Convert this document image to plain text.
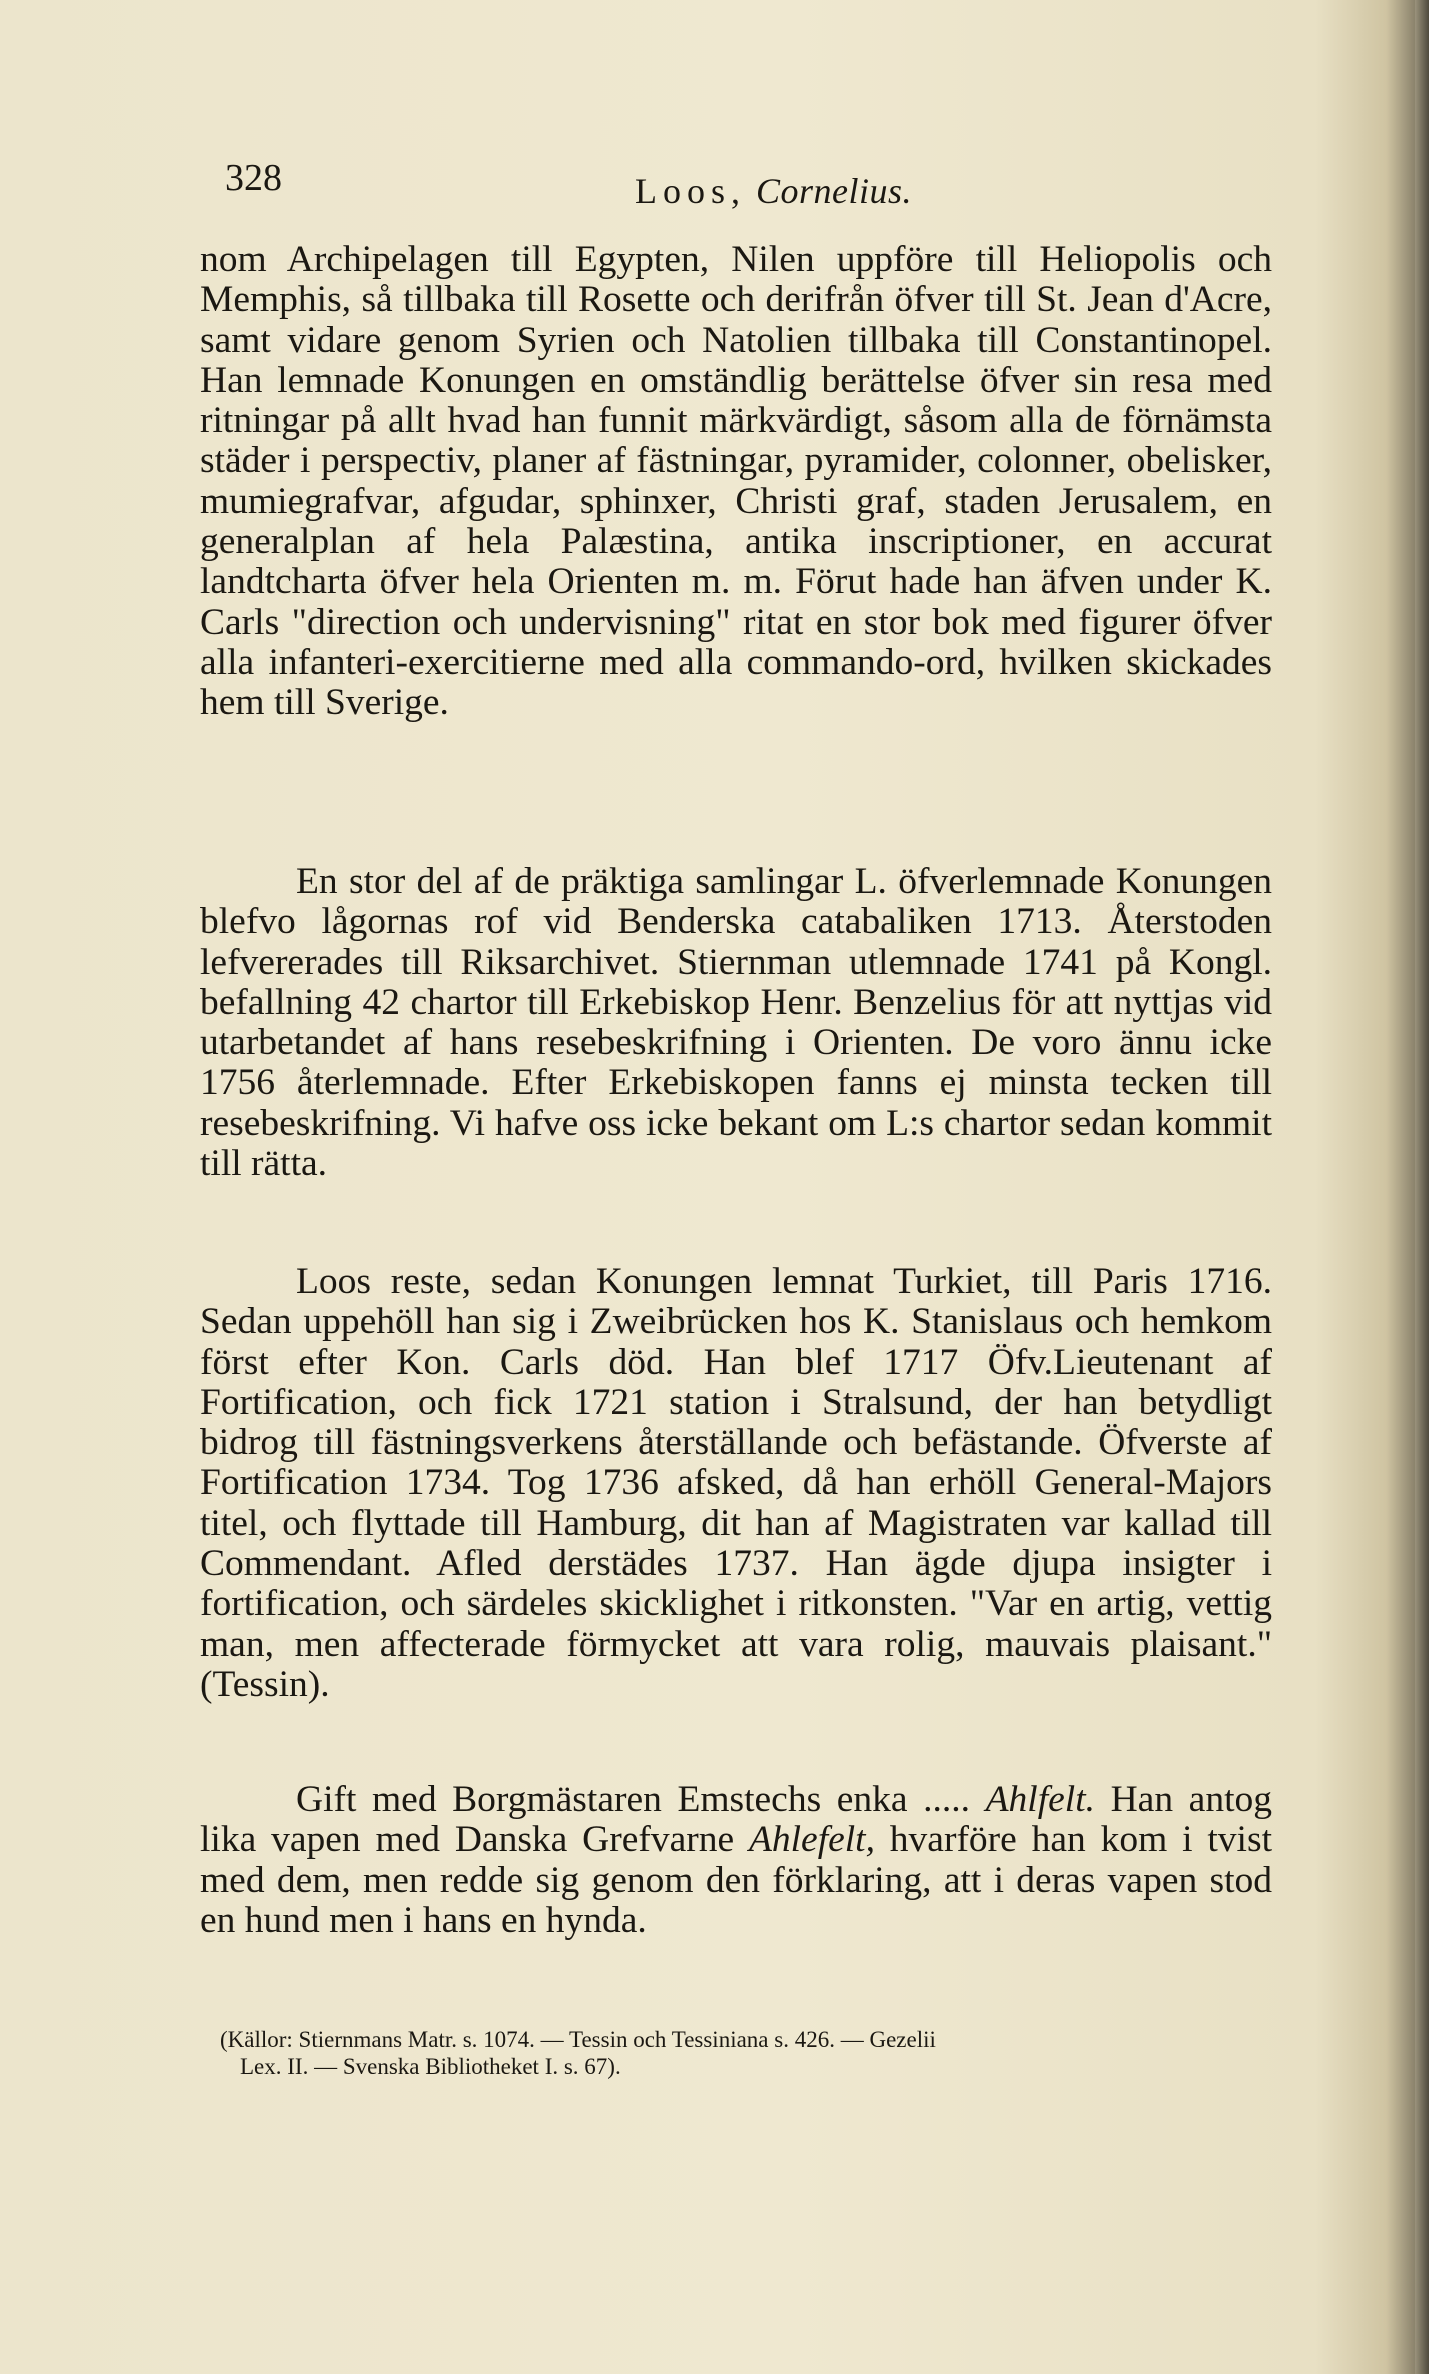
328	Loos, Cornelius.

nom Archipelagen till Egypten, Nilen uppföre till Heliopolis och Memphis, så tillbaka till Rosette och derifrån öfver till St. Jean d'Acre, samt vidare genom Syrien och Natolien tillbaka till Constantinopel. Han lemnade Konungen en omständlig berättelse öfver sin resa med ritningar på allt hvad han funnit märkvärdigt, såsom alla de förnämsta städer i perspectiv, planer af fästningar, pyramider, colonner, obelisker, mumiegrafvar, afgudar, sphinxer, Christi graf, staden Jerusalem, en generalplan af hela Palæstina, antika inscriptioner, en accurat landtcharta öfver hela Orienten m. m. Förut hade han äfven under K. Carls "direction och undervisning" ritat en stor bok med figurer öfver alla infanteri-exercitierne med alla commando-ord, hvilken skickades hem till Sverige.

En stor del af de präktiga samlingar L. öfverlemnade Konungen blefvo lågornas rof vid Benderska catabaliken 1713. Återstoden lefvererades till Riksarchivet. Stiernman utlemnade 1741 på Kongl. befallning 42 chartor till Erkebiskop Henr. Benzelius för att nyttjas vid utarbetandet af hans resebeskrifning i Orienten. De voro ännu icke 1756 återlemnade. Efter Erkebiskopen fanns ej minsta tecken till resebeskrifning. Vi hafve oss icke bekant om L:s chartor sedan kommit till rätta.

Loos reste, sedan Konungen lemnat Turkiet, till Paris 1716. Sedan uppehöll han sig i Zweibrücken hos K. Stanislaus och hemkom först efter Kon. Carls död. Han blef 1717 Öfv.Lieutenant af Fortification, och fick 1721 station i Stralsund, der han betydligt bidrog till fästningsverkens återställande och befästande. Öfverste af Fortification 1734. Tog 1736 afsked, då han erhöll General-Majors titel, och flyttade till Hamburg, dit han af Magistraten var kallad till Commendant. Afled derstädes 1737. Han ägde djupa insigter i fortification, och särdeles skicklighet i ritkonsten. "Var en artig, vettig man, men affecterade förmycket att vara rolig, mauvais plaisant." (Tessin).

Gift med Borgmästaren Emstechs enka ..... Ahlfelt. Han antog lika vapen med Danska Grefvarne Ahlefelt, hvarföre han kom i tvist med dem, men redde sig genom den förklaring, att i deras vapen stod en hund men i hans en hynda.

(Källor: Stiernmans Matr. s. 1074. — Tessin och Tessiniana s. 426. — Gezelii

Lex. II. — Svenska Bibliotheket I. s. 67).
